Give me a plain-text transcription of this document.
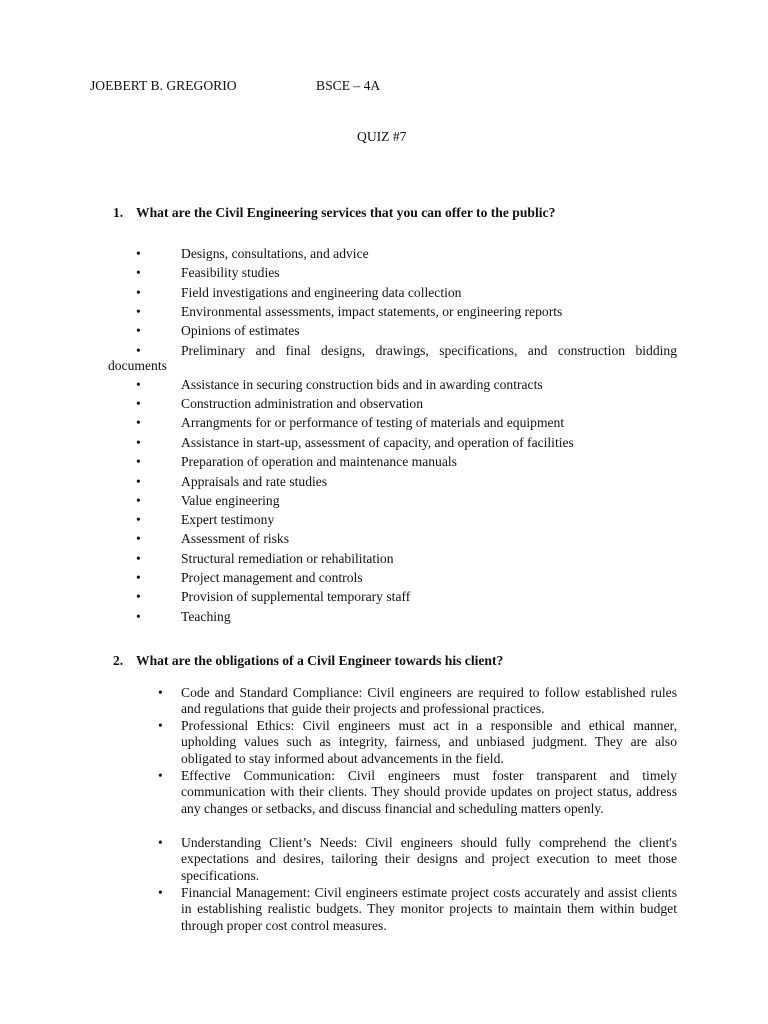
JOEBERT B. GREGORIO	BSCE – 4A
QUIZ #7
1. What are the Civil Engineering services that you can offer to the public?
•	Designs, consultations, and advice
•	Feasibility studies
•	Field investigations and engineering data collection
•	Environmental assessments, impact statements, or engineering reports
•	Opinions of estimates
•	Preliminary and final designs, drawings, specifications, and construction bidding
documents
•	Assistance in securing construction bids and in awarding contracts
•	Construction administration and observation
•	Arrangments for or performance of testing of materials and equipment
•	Assistance in start-up, assessment of capacity, and operation of facilities
•	Preparation of operation and maintenance manuals
•	Appraisals and rate studies
•	Value engineering
•	Expert testimony
•	Assessment of risks
•	Structural remediation or rehabilitation
•	Project management and controls
•	Provision of supplemental temporary staff
•	Teaching
2. What are the obligations of a Civil Engineer towards his client?
• Code and Standard Compliance: Civil engineers are required to follow established rules and regulations that guide their projects and professional practices.
• Professional Ethics: Civil engineers must act in a responsible and ethical manner, upholding values such as integrity, fairness, and unbiased judgment. They are also obligated to stay informed about advancements in the field.
• Effective Communication: Civil engineers must foster transparent and timely communication with their clients. They should provide updates on project status, address any changes or setbacks, and discuss financial and scheduling matters openly.
• Understanding Client’s Needs: Civil engineers should fully comprehend the client's expectations and desires, tailoring their designs and project execution to meet those specifications.
• Financial Management: Civil engineers estimate project costs accurately and assist clients in establishing realistic budgets. They monitor projects to maintain them within budget through proper cost control measures.
